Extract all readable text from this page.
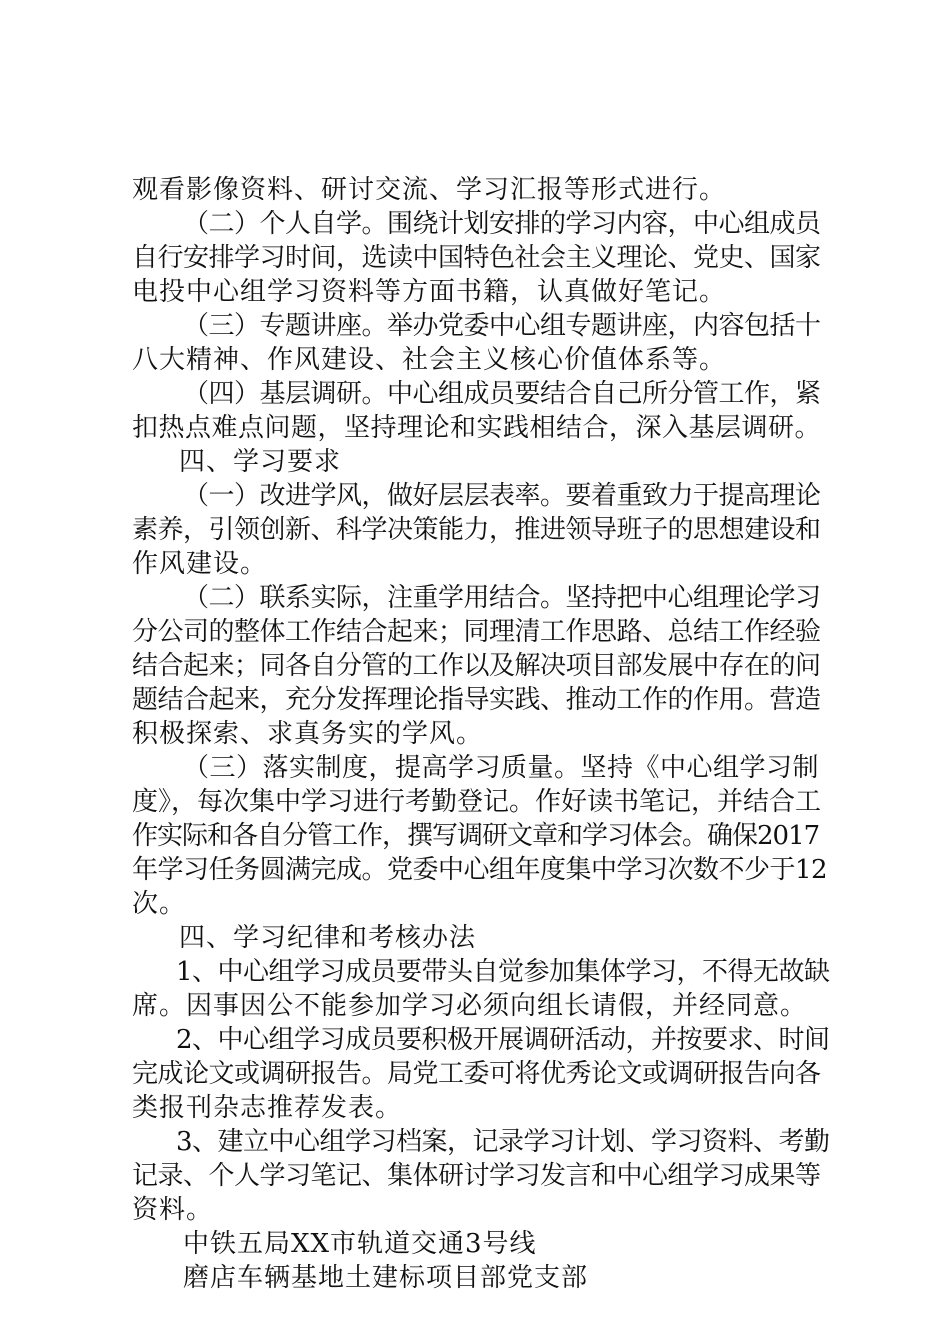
观看影像资料、研讨交流、学习汇报等形式进行。
（二）个人自学。围绕计划安排的学习内容，中心组成员
自行安排学习时间，选读中国特色社会主义理论、党史、国家
电投中心组学习资料等方面书籍，认真做好笔记。
（三）专题讲座。举办党委中心组专题讲座，内容包括十
八大精神、作风建设、社会主义核心价值体系等。
（四）基层调研。中心组成员要结合自己所分管工作，紧
扣热点难点问题，坚持理论和实践相结合，深入基层调研。
四、学习要求
（一）改进学风，做好层层表率。要着重致力于提高理论
素养，引领创新、科学决策能力，推进领导班子的思想建设和
作风建设。
（二）联系实际，注重学用结合。坚持把中心组理论学习
分公司的整体工作结合起来；同理清工作思路、总结工作经验
结合起来；同各自分管的工作以及解决项目部发展中存在的问
题结合起来，充分发挥理论指导实践、推动工作的作用。营造
积极探索、求真务实的学风。
（三）落实制度，提高学习质量。坚持《中心组学习制
度》，每次集中学习进行考勤登记。作好读书笔记，并结合工
作实际和各自分管工作，撰写调研文章和学习体会。确保2017
年学习任务圆满完成。党委中心组年度集中学习次数不少于12
次。
四、学习纪律和考核办法
1、中心组学习成员要带头自觉参加集体学习，不得无故缺
席。因事因公不能参加学习必须向组长请假，并经同意。
2、中心组学习成员要积极开展调研活动，并按要求、时间
完成论文或调研报告。局党工委可将优秀论文或调研报告向各
类报刊杂志推荐发表。
3、建立中心组学习档案，记录学习计划、学习资料、考勤
记录、个人学习笔记、集体研讨学习发言和中心组学习成果等
资料。
中铁五局XX市轨道交通3号线
磨店车辆基地土建标项目部党支部
